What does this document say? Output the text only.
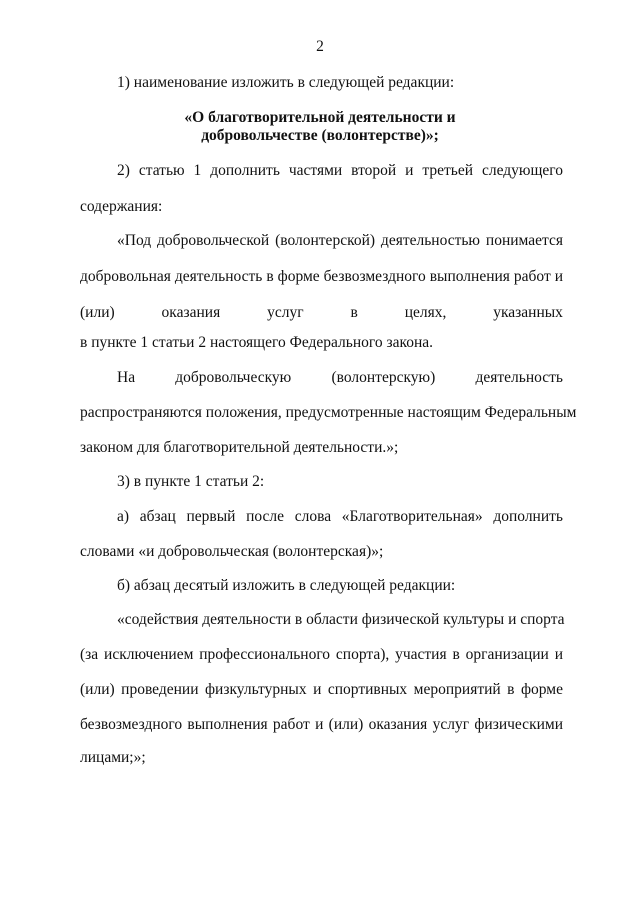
2
1) наименование изложить в следующей редакции:
«О благотворительной деятельности и
добровольчестве (волонтерстве)»;
2) статью 1 дополнить частями второй и третьей следующего
содержания:
«Под добровольческой (волонтерской) деятельностью понимается
добровольная деятельность в форме безвозмездного выполнения работ и
(или)	оказания	услуг	в	целях,	указанных
в пункте 1 статьи 2 настоящего Федерального закона.
На	добровольческую	(волонтерскую)	деятельность
распространяются положения, предусмотренные настоящим Федеральным
законом для благотворительной деятельности.»;
3) в пункте 1 статьи 2:
а) абзац первый после слова «Благотворительная» дополнить
словами «и добровольческая (волонтерская)»;
б) абзац десятый изложить в следующей редакции:
«содействия деятельности в области физической культуры и спорта
(за исключением профессионального спорта), участия в организации и
(или) проведении физкультурных и спортивных мероприятий в форме
безвозмездного выполнения работ и (или) оказания услуг физическими
лицами;»;
